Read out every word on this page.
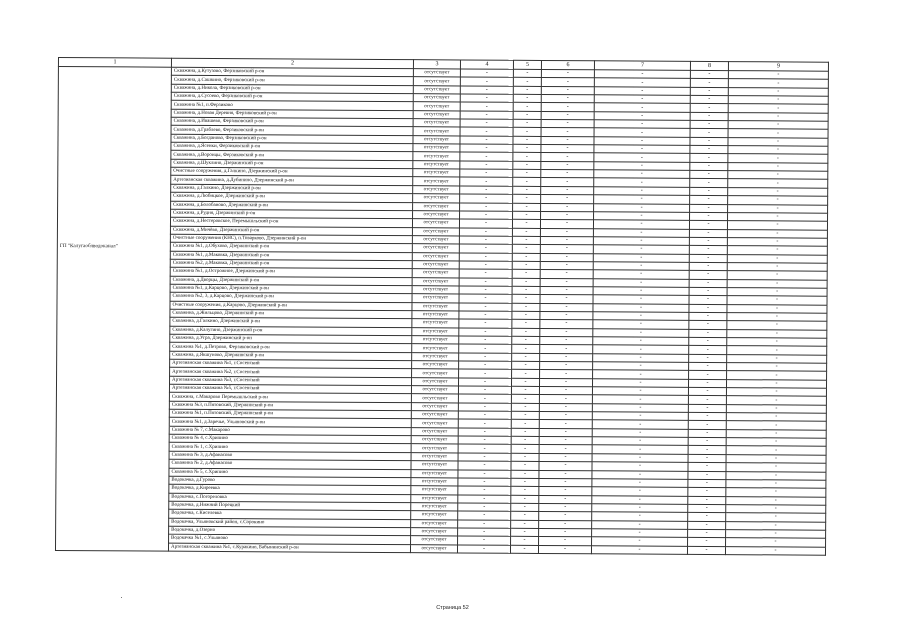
1	2	3	4	5	6	7	8	9
ГП "Калугаоблводоканал"	Скважина, д.Кутузово, Ферзиковский р-он	отсутствует	-	-	-	-	-	-
	Скважина, д.Сашкино, Ферзиковский р-он	отсутствует	-	-	-	-	-	-
	Скважина, д.Никола, Ферзиковский р-он	отсутствует	-	-	-	-	-	-
	Скважина, д.Сусоево, Ферзиковский р-он	отсутствует	-	-	-	-	-	-
	Скважина №1, п.Ферзиково	отсутствует	-	-	-	-	-	-
	Скважина, д.Новая Деревня, Ферзиковский р-он	отсутствует	-	-	-	-	-	-
	Скважина, д.Ивашево, Ферзиковский р-он	отсутствует	-	-	-	-	-	-
	Скважина, д.Граблево, Ферзиковский р-он	отсутствует	-	-	-	-	-	-
	Скважина, д.Богданово, Ферзиковский р-он	отсутствует	-	-	-	-	-	-
	Скважина, д.Ясенки, Ферзиковский р-он	отсутствует	-	-	-	-	-	-
	Скважина, д.Воронцы, Ферзиковский р-он	отсутствует	-	-	-	-	-	-
	Скважина, д.Шуклино, Дзержинский р-он	отсутствует	-	-	-	-	-	-
	Очистные сооружения, д.Галкино, Дзержинский р-он	отсутствует	-	-	-	-	-	-
	Артезианская скважина, д.Дубинино, Дзержинский р-он	отсутствует	-	-	-	-	-	-
	Скважина, д.Галкино, Дзержинский р-он	отсутствует	-	-	-	-	-	-
	Скважина, д.Любицкое, Дзержинский р-он	отсутствует	-	-	-	-	-	-
	Скважина, д.Болобаново, Дзержинский р-он	отсутствует	-	-	-	-	-	-
	Скважина, д.Рудня, Дзержинский р-он	отсутствует	-	-	-	-	-	-
	Скважина, д.Нестеровское, Перемышльский р-он	отсутствует	-	-	-	-	-	-
	Скважина, д.Мичёво, Дзержинский р-он	отсутствует	-	-	-	-	-	-
	Очистные сооружения (КНС), п.Товарково, Дзержинский р-он	отсутствует	-	-	-	-	-	-
	Скважина №1, д.Обухово, Дзержинский р-он	отсутствует	-	-	-	-	-	-
	Скважина №1, д.Маковка, Дзержинский р-он	отсутствует	-	-	-	-	-	-
	Скважина №2, д.Маковка, Дзержинский р-он	отсутствует	-	-	-	-	-	-
	Скважина №1, д.Острожное, Дзержинский р-он	отсутствует	-	-	-	-	-	-
	Скважина, д.Дворцы, Дзержинский р-он	отсутствует	-	-	-	-	-	-
	Скважина №1, д.Карцово, Дзержинский р-он	отсутствует	-	-	-	-	-	-
	Скважина №2, 3, д.Карцово, Дзержинский р-он	отсутствует	-	-	-	-	-	-
	Очистные сооружения, д.Карцово, Дзержинский р-он	отсутствует	-	-	-	-	-	-
	Скважина, д.Жильцово, Дзержинский р-он	отсутствует	-	-	-	-	-	-
	Скважина, д.Галкино, Дзержинский р-он	отсутствует	-	-	-	-	-	-
	Скважина, д.Калугино, Дзержинский р-он	отсутствует	-	-	-	-	-	-
	Скважина, д.Угра, Дзержинский р-он	отсутствует	-	-	-	-	-	-
	Скважина №1, д.Петрово, Ферзиковский р-он	отсутствует	-	-	-	-	-	-
	Скважина, д.Якшуново, Дзержинский р-он	отсутствует	-	-	-	-	-	-
	Артезианская скважина №1, г.Сосенский	отсутствует	-	-	-	-	-	-
	Артезианская скважина №2, г.Сосенский	отсутствует	-	-	-	-	-	-
	Артезианская скважина №3, г.Сосенский	отсутствует	-	-	-	-	-	-
	Артезианская скважина №5, г.Сосенский	отсутствует	-	-	-	-	-	-
	Скважина, с.Макарово Перемышльский р-он	отсутствует	-	-	-	-	-	-
	Скважина №3, п.Пятовский, Дзержинский р-он	отсутствует	-	-	-	-	-	-
	Скважина №1, п.Пятовский, Дзержинский р-он	отсутствует	-	-	-	-	-	-
	Скважина №1, д.Заречье, Ульяновский р-он	отсутствует	-	-	-	-	-	-
	Скважина № 7, с.Макарово	отсутствует	-	-	-	-	-	-
	Скважина № 4, с.Хрипино	отсутствует	-	-	-	-	-	-
	Скважина № 1, с.Хрипино	отсутствует	-	-	-	-	-	-
	Скважина № 3, д.Афанасово	отсутствует	-	-	-	-	-	-
	Скважина № 2, д.Афанасово	отсутствует	-	-	-	-	-	-
	Скважина № 5, с.Хрипино	отсутствует	-	-	-	-	-	-
	Водокачка, д.Гурово	отсутствует	-	-	-	-	-	-
	Водокачка, д.Киреевка	отсутствует	-	-	-	-	-	-
	Водокачка, с.Погореловка	отсутствует	-	-	-	-	-	-
	Водокачка, д.Нижний Порецкий	отсутствует	-	-	-	-	-	-
	Водокачка, с.Киселевка	отсутствует	-	-	-	-	-	-
	Водокачка, Ульяновский район, с.Сорокино	отсутствует	-	-	-	-	-	-
	Водокачка, д.Озерно	отсутствует	-	-	-	-	-	-
	Водокачка №1, с.Ульяново	отсутствует	-	-	-	-	-	-
	Артезианская скважина №1, с.Куракино, Бабынинский р-он	отсутствует	-	-	-	-	-	-
Страница 52
